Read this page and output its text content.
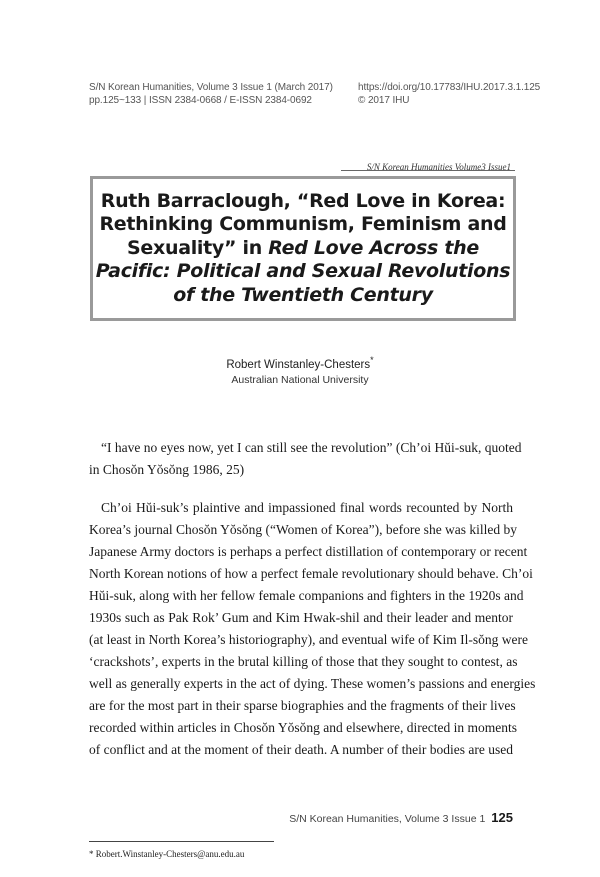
S/N Korean Humanities, Volume 3 Issue 1 (March 2017)
pp.125~133 | ISSN 2384-0668 / E-ISSN 2384-0692
https://doi.org/10.17783/IHU.2017.3.1.125
© 2017 IHU
S/N Korean Humanities Volume3 Issue1
Ruth Barraclough, “Red Love in Korea:
Rethinking Communism, Feminism and
Sexuality” in Red Love Across the
Pacific: Political and Sexual Revolutions
of the Twentieth Century
Robert Winstanley-Chesters*
Australian National University
“I have no eyes now, yet I can still see the revolution” (Ch’oi Hŭi-suk, quoted
in Chosŏn Yŏsŏng 1986, 25)
Ch’oi Hŭi-suk’s plaintive and impassioned final words recounted by North
Korea’s journal Chosŏn Yŏsŏng (“Women of Korea”), before she was killed by
Japanese Army doctors is perhaps a perfect distillation of contemporary or recent
North Korean notions of how a perfect female revolutionary should behave. Ch’oi
Hŭi-suk, along with her fellow female companions and fighters in the 1920s and
1930s such as Pak Rok’ Gum and Kim Hwak-shil and their leader and mentor
(at least in North Korea’s historiography), and eventual wife of Kim Il-sŏng were
‘crackshots’, experts in the brutal killing of those that they sought to contest, as
well as generally experts in the act of dying. These women’s passions and energies
are for the most part in their sparse biographies and the fragments of their lives
recorded within articles in Chosŏn Yŏsŏng and elsewhere, directed in moments
of conflict and at the moment of their death. A number of their bodies are used
S/N Korean Humanities, Volume 3 Issue 1 125
* Robert.Winstanley-Chesters@anu.edu.au
